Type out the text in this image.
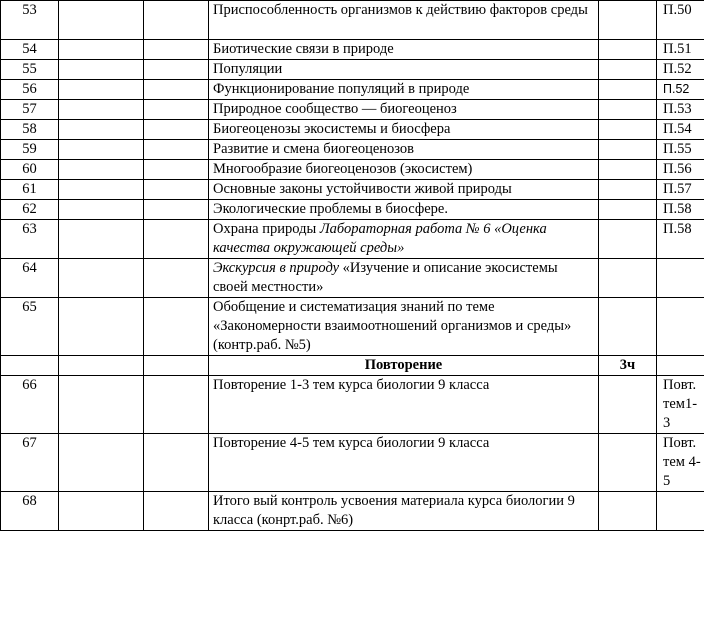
53			Приспособленность организмов к действию факторов среды		П.50
54			Биотические связи в природе		П.51
55			Популяции		П.52
56			Функционирование популяций в природе		П.52
57			Природное сообщество — биогеоценоз		П.53
58			Биогеоценозы экосистемы и биосфера		П.54
59			Развитие и смена биогеоценозов		П.55
60			Многообразие биогеоценозов (экосистем)		П.56
61			Основные законы устойчивости живой природы		П.57
62			Экологические проблемы в биосфере.		П.58
63			Охрана природы Лабораторная работа № 6 «Оценка качества окружающей среды»		П.58
64			Экскурсия в природу «Изучение и описание экосистемы своей местности»		
65			Обобщение и систематизация знаний по теме «Закономерности взаимоотношений организмов и среды» (контр.раб. №5)		
			Повторение	3ч	
66			Повторение 1-3 тем курса биологии 9 класса		Повт. тем1-3
67			Повторение 4-5 тем курса биологии 9 класса		Повт. тем 4-5
68			Итого вый контроль усвоения материала курса биологии 9 класса (конрт.раб. №6)		
